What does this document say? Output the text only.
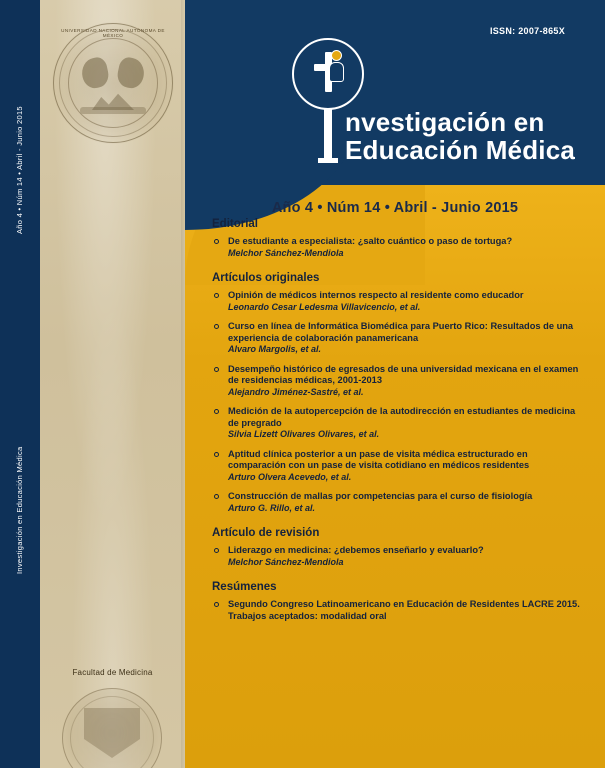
Año 4 • Núm 14 • Abril - Junio 2015
Investigación en Educación Médica
UNIVERSIDAD NACIONAL AUTÓNOMA DE MÉXICO
Facultad de Medicina
ISSN: 2007-865X
nvestigación en
Educación Médica
Año 4 • Núm 14 • Abril - Junio 2015
Editorial
De estudiante a especialista: ¿salto cuántico o paso de tortuga?
Melchor Sánchez-Mendiola
Artículos originales
Opinión de médicos internos respecto al residente como educador
Leonardo Cesar Ledesma Villavicencio, et al.
Curso en línea de Informática Biomédica para Puerto Rico: Resultados de una experiencia de colaboración panamericana
Alvaro Margolis, et al.
Desempeño histórico de egresados de una universidad mexicana en el examen de residencias médicas, 2001-2013
Alejandro Jiménez-Sastré, et al.
Medición de la autopercepción de la autodirección en estudiantes de medicina de pregrado
Silvia Lizett Olivares Olivares, et al.
Aptitud clínica posterior a un pase de visita médica estructurado en comparación con un pase de visita cotidiano en médicos residentes
Arturo Olvera Acevedo, et al.
Construcción de mallas por competencias para el curso de fisiología
Arturo G. Rillo, et al.
Artículo de revisión
Liderazgo en medicina: ¿debemos enseñarlo y evaluarlo?
Melchor Sánchez-Mendiola
Resúmenes
Segundo Congreso Latinoamericano en Educación de Residentes LACRE 2015. Trabajos aceptados: modalidad oral
